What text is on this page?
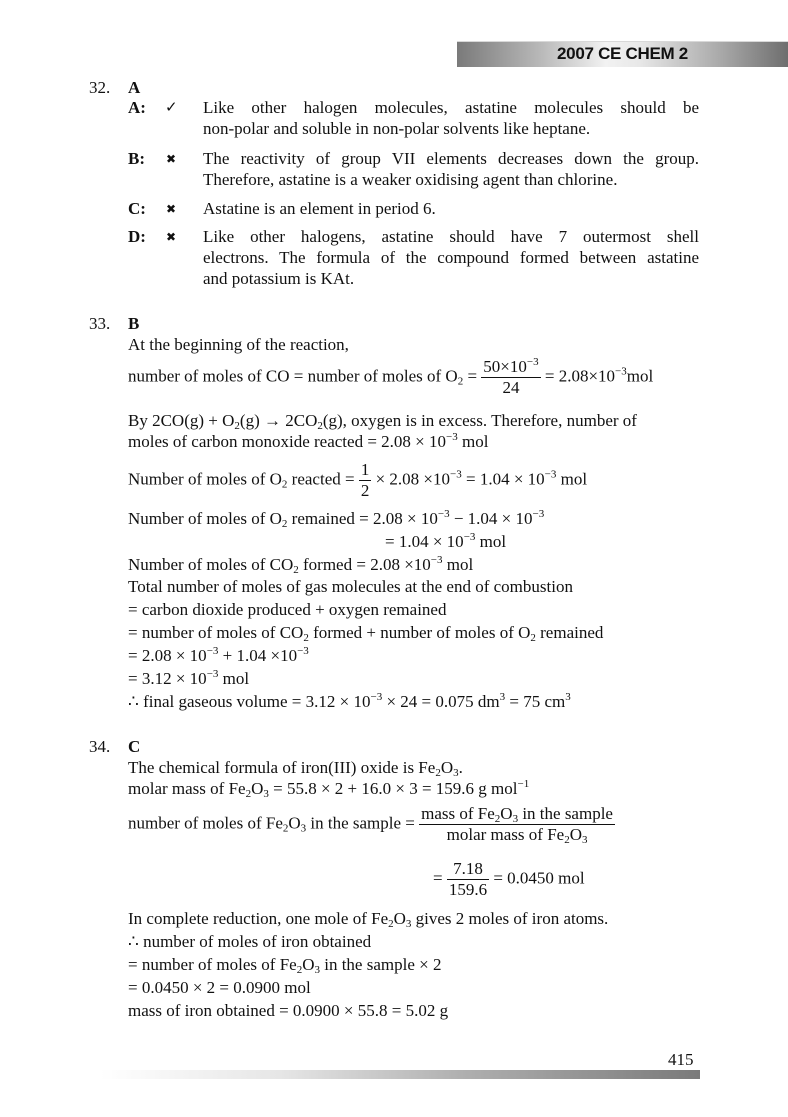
2007 CE CHEM 2
32. A
A: ✓ Like other halogen molecules, astatine molecules should be
non-polar and soluble in non-polar solvents like heptane.
B: ✖ The reactivity of group VII elements decreases down the group.
Therefore, astatine is a weaker oxidising agent than chlorine.
C: ✖ Astatine is an element in period 6.
D: ✖ Like other halogens, astatine should have 7 outermost shell
electrons. The formula of the compound formed between astatine
and potassium is KAt.
33. B
At the beginning of the reaction,
number of moles of CO = number of moles of $O_2 = \frac{50\times 10^{-3}}{24} = 2.08\times 10^{-3}mol$
By $2CO(g) + O_2(g) \to 2CO_2(g)$, oxygen is in excess. Therefore, number of
moles of carbon monoxide reacted = $2.08 \times 10^{-3}$ mol
Number of moles of $O_2$ reacted = $\frac{1}{2} \times 2.08 \times 10^{-3} = 1.04 \times 10^{-3}$ mol
Number of moles of $O_2$ remained = $2.08 \times 10^{-3} - 1.04 \times 10^{-3}$
= $1.04 \times 10^{-3}$ mol
Number of moles of $CO_2$ formed = $2.08 \times 10^{-3}$ mol
Total number of moles of gas molecules at the end of combustion
= carbon dioxide produced + oxygen remained
= number of moles of $CO_2$ formed + number of moles of $O_2$ remained
= $2.08 \times 10^{-3} + 1.04 \times 10^{-3}$
= $3.12 \times 10^{-3}$ mol
∴ final gaseous volume = $3.12 \times 10^{-3} \times 24 = 0.075$ $dm^3 = 75$ $cm^3$
34. C
The chemical formula of iron(III) oxide is $Fe_2O_3$.
molar mass of $Fe_2O_3 = 55.8 \times 2 + 16.0 \times 3 = 159.6$ g mol$^{-1}$
number of moles of $Fe_2O_3$ in the sample = $\frac{mass of Fe_2O_3 in the sample}{molar mass of Fe_2O_3}$
= $\frac{7.18}{159.6} = 0.0450$ mol
In complete reduction, one mole of $Fe_2O_3$ gives 2 moles of iron atoms.
∴ number of moles of iron obtained
= number of moles of $Fe_2O_3$ in the sample × 2
= 0.0450 × 2 = 0.0900 mol
mass of iron obtained = 0.0900 × 55.8 = 5.02 g
415
